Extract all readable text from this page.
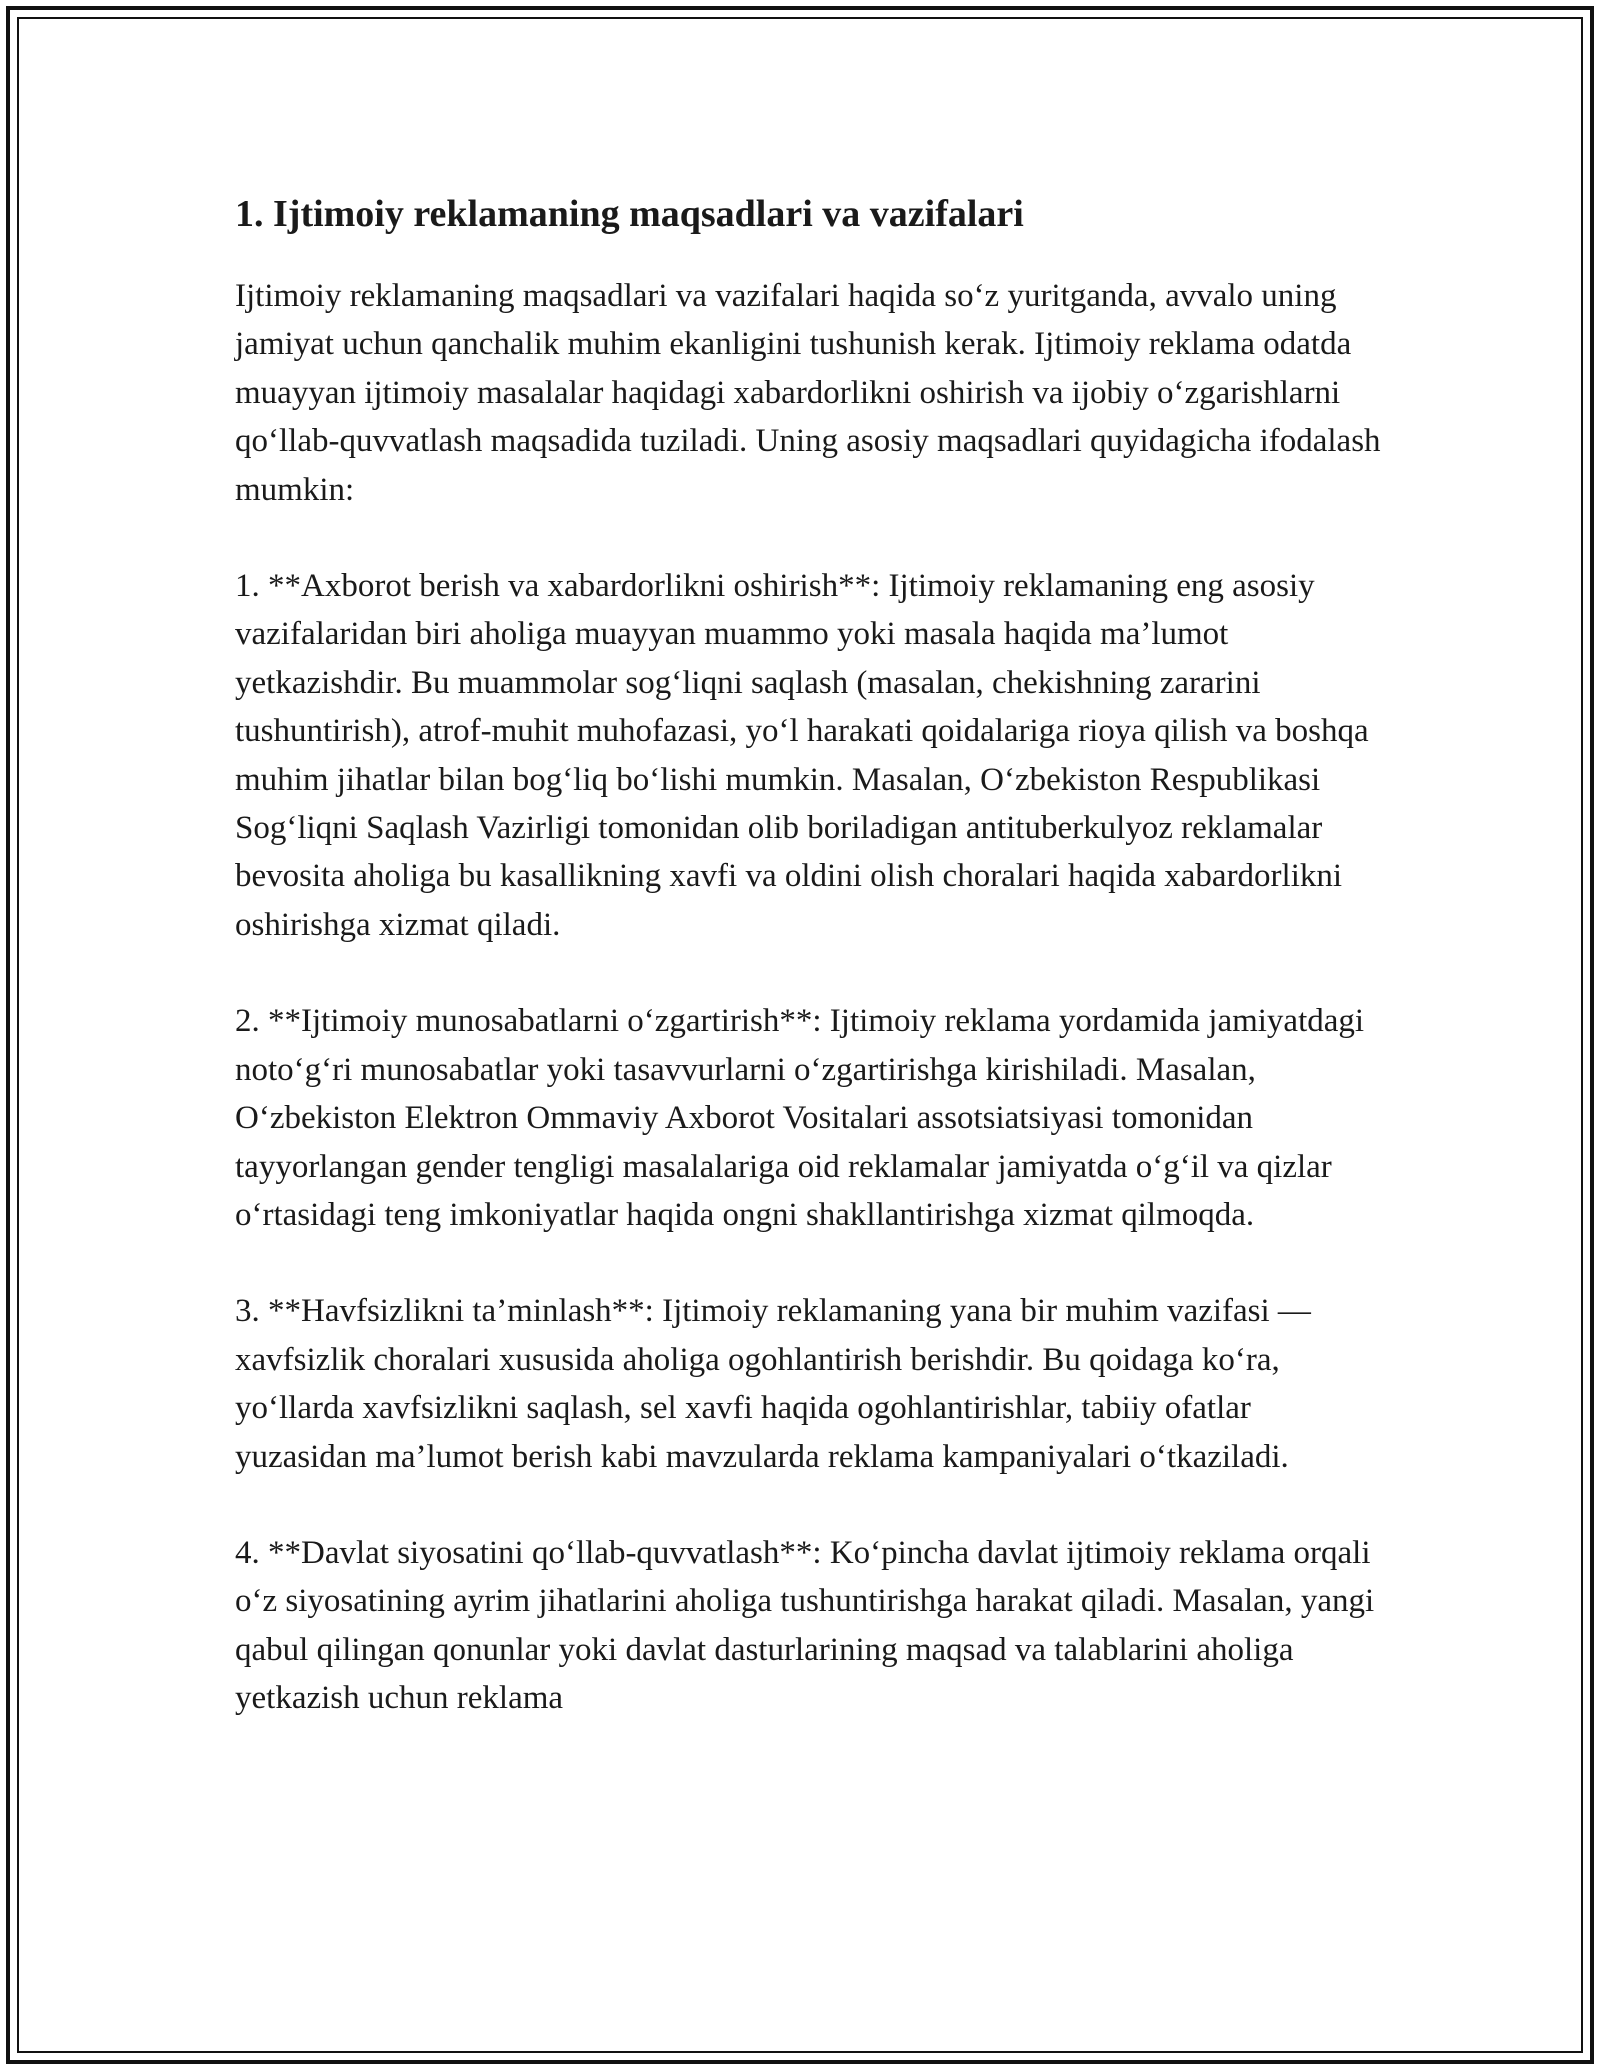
1. Ijtimoiy reklamaning maqsadlari va vazifalari

Ijtimoiy reklamaning maqsadlari va vazifalari haqida so‘z yuritganda, avvalo uning jamiyat uchun qanchalik muhim ekanligini tushunish kerak. Ijtimoiy reklama odatda muayyan ijtimoiy masalalar haqidagi xabardorlikni oshirish va ijobiy o‘zgarishlarni qo‘llab-quvvatlash maqsadida tuziladi. Uning asosiy maqsadlari quyidagicha ifodalash mumkin:

1. **Axborot berish va xabardorlikni oshirish**: Ijtimoiy reklamaning eng asosiy vazifalaridan biri aholiga muayyan muammo yoki masala haqida ma’lumot yetkazishdir. Bu muammolar sog‘liqni saqlash (masalan, chekishning zararini tushuntirish), atrof-muhit muhofazasi, yo‘l harakati qoidalariga rioya qilish va boshqa muhim jihatlar bilan bog‘liq bo‘lishi mumkin. Masalan, O‘zbekiston Respublikasi Sog‘liqni Saqlash Vazirligi tomonidan olib boriladigan antituberkulyoz reklamalar bevosita aholiga bu kasallikning xavfi va oldini olish choralari haqida xabardorlikni oshirishga xizmat qiladi.

2. **Ijtimoiy munosabatlarni o‘zgartirish**: Ijtimoiy reklama yordamida jamiyatdagi noto‘g‘ri munosabatlar yoki tasavvurlarni o‘zgartirishga kirishiladi. Masalan, O‘zbekiston Elektron Ommaviy Axborot Vositalari assotsiatsiyasi tomonidan tayyorlangan gender tengligi masalalariga oid reklamalar jamiyatda o‘g‘il va qizlar o‘rtasidagi teng imkoniyatlar haqida ongni shakllantirishga xizmat qilmoqda.

3. **Havfsizlikni ta’minlash**: Ijtimoiy reklamaning yana bir muhim vazifasi — xavfsizlik choralari xususida aholiga ogohlantirish berishdir. Bu qoidaga ko‘ra, yo‘llarda xavfsizlikni saqlash, sel xavfi haqida ogohlantirishlar, tabiiy ofatlar yuzasidan ma’lumot berish kabi mavzularda reklama kampaniyalari o‘tkaziladi.

4. **Davlat siyosatini qo‘llab-quvvatlash**: Ko‘pincha davlat ijtimoiy reklama orqali o‘z siyosatining ayrim jihatlarini aholiga tushuntirishga harakat qiladi. Masalan, yangi qabul qilingan qonunlar yoki davlat dasturlarining maqsad va talablarini aholiga yetkazish uchun reklama
